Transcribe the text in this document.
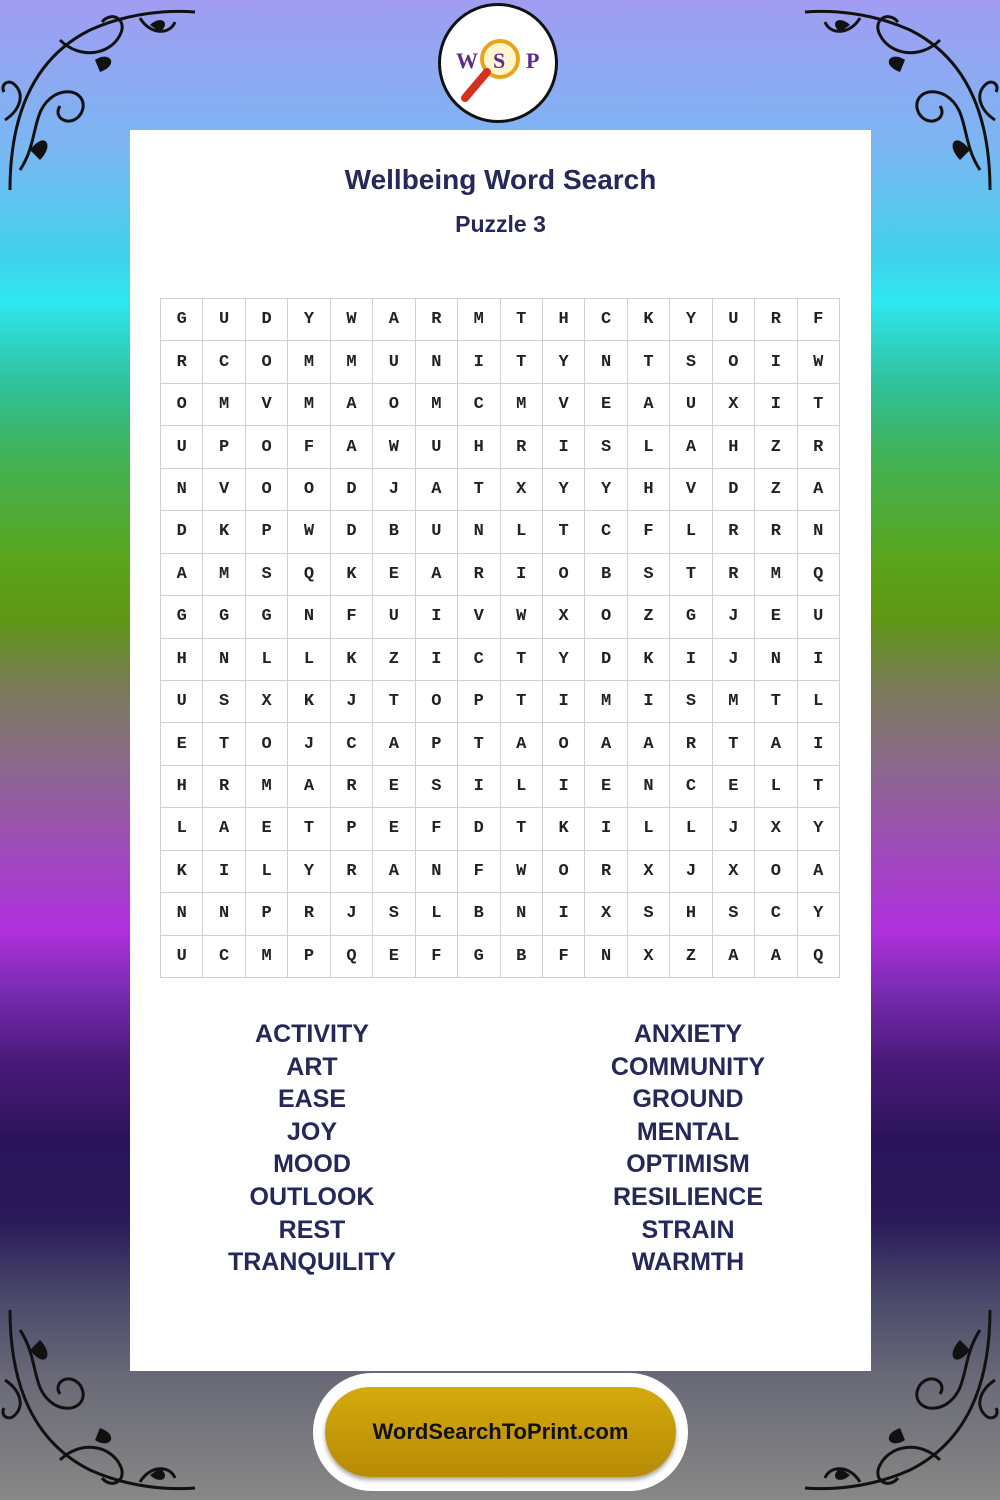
Wellbeing Word Search
Puzzle 3
G	U	D	Y	W	A	R	M	T	H	C	K	Y	U	R	F
R	C	O	M	M	U	N	I	T	Y	N	T	S	O	I	W
O	M	V	M	A	O	M	C	M	V	E	A	U	X	I	T
U	P	O	F	A	W	U	H	R	I	S	L	A	H	Z	R
N	V	O	O	D	J	A	T	X	Y	Y	H	V	D	Z	A
D	K	P	W	D	B	U	N	L	T	C	F	L	R	R	N
A	M	S	Q	K	E	A	R	I	O	B	S	T	R	M	Q
G	G	G	N	F	U	I	V	W	X	O	Z	G	J	E	U
H	N	L	L	K	Z	I	C	T	Y	D	K	I	J	N	I
U	S	X	K	J	T	O	P	T	I	M	I	S	M	T	L
E	T	O	J	C	A	P	T	A	O	A	A	R	T	A	I
H	R	M	A	R	E	S	I	L	I	E	N	C	E	L	T
L	A	E	T	P	E	F	D	T	K	I	L	L	J	X	Y
K	I	L	Y	R	A	N	F	W	O	R	X	J	X	O	A
N	N	P	R	J	S	L	B	N	I	X	S	H	S	C	Y
U	C	M	P	Q	E	F	G	B	F	N	X	Z	A	A	Q
ACTIVITY
ART
EASE
JOY
MOOD
OUTLOOK
REST
TRANQUILITY
ANXIETY
COMMUNITY
GROUND
MENTAL
OPTIMISM
RESILIENCE
STRAIN
WARMTH
W S P
WordSearchToPrint.com
